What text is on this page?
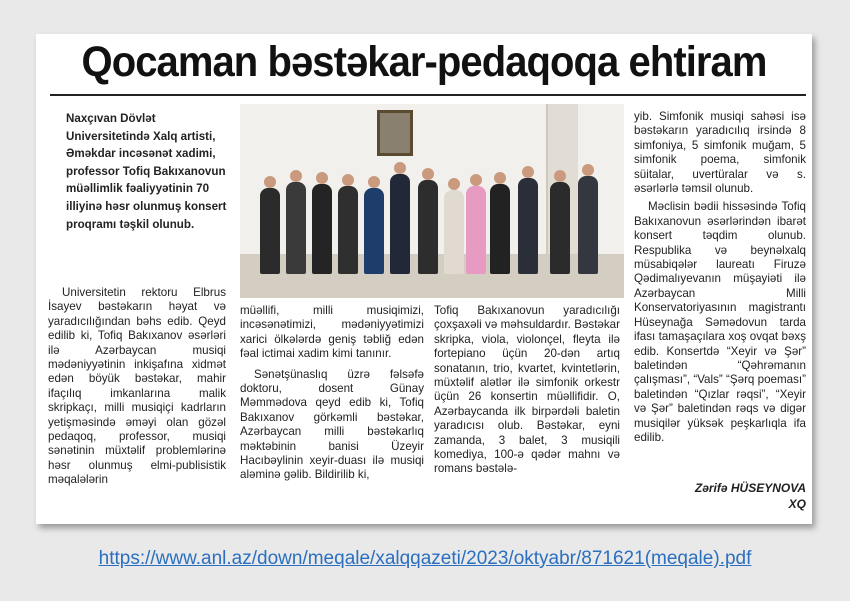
Qocaman bəstəkar-pedaqoqa ehtiram
Naxçıvan Dövlət Universitetində Xalq artisti, Əməkdar incəsənət xadimi, professor Tofiq Bakıxanovun müəllimlik fəaliyyətinin 70 illiyinə həsr olunmuş konsert proqramı təşkil olunub.

Universitetin rektoru Elbrus İsayev bəstəkarın həyat və yaradıcılığından bəhs edib. Qeyd edilib ki, Tofiq Bakıxanov əsərləri ilə Azərbaycan musiqi mədəniyyətinin inkişafına xidmət edən böyük bəstəkar, mahir ifaçılıq imkanlarına malik skripkaçı, milli musiqiçi kadrların yetişməsində əməyi olan gözəl pedaqoq, professor, musiqi sənətinin müxtəlif problemlərinə həsr olunmuş elmi-publisistik məqalələrin

müəllifi, milli musiqimizi, incəsənətimizi, mədəniyyətimizi xarici ölkələrdə geniş təbliğ edən fəal ictimai xadim kimi tanınır.

Sənətşünaslıq üzrə fəlsəfə doktoru, dosent Günay Məmmədova qeyd edib ki, Tofiq Bakıxanov görkəmli bəstəkar, Azərbaycan milli bəstəkarlıq məktəbinin banisi Üzeyir Hacıbəylinin xeyir-duası ilə musiqi aləminə gəlib. Bildirilib ki,

Tofiq Bakıxanovun yaradıcılığı çoxşaxəli və məhsuldardır. Bəstəkar skripka, viola, violonçel, fleyta ilə fortepiano üçün 20-dən artıq sonatanın, trio, kvartet, kvintetlərin, müxtəlif alətlər ilə simfonik orkestr üçün 26 konsertin müəllifidir. O, Azərbaycanda ilk birpərdəli baletin yaradıcısı olub. Bəstəkar, eyni zamanda, 3 balet, 3 musiqili komediya, 100-ə qədər mahnı və romans bəstələ-

yib. Simfonik musiqi sahəsi isə bəstəkarın yaradıcılıq irsində 8 simfoniya, 5 simfonik muğam, 5 simfonik poema, simfonik süitalar, uvertüralar və s. əsərlərlə təmsil olunub.

Məclisin bədii hissəsində Tofiq Bakıxanovun əsərlərindən ibarət konsert təqdim olunub. Respublika və beynəlxalq müsabiqələr laureatı Firuzə Qədimalıyevanın müşayiəti ilə Azərbaycan Milli Konservatoriyasının magistrantı Hüseynağa Səmədovun tarda ifası tamaşaçılara xoş ovqat bəxş edib. Konsertdə “Xeyir və Şər” baletindən “Qəhrəmanın çalışması”, “Vals” “Şərq poeması” baletindən “Qızlar rəqsi”, “Xeyir və Şər” baletindən rəqs və digər musiqilər yüksək peşkarlıqla ifa edilib.

Zərifə HÜSEYNOVA
XQ
https://www.anl.az/down/meqale/xalqqazeti/2023/oktyabr/871621(meqale).pdf
